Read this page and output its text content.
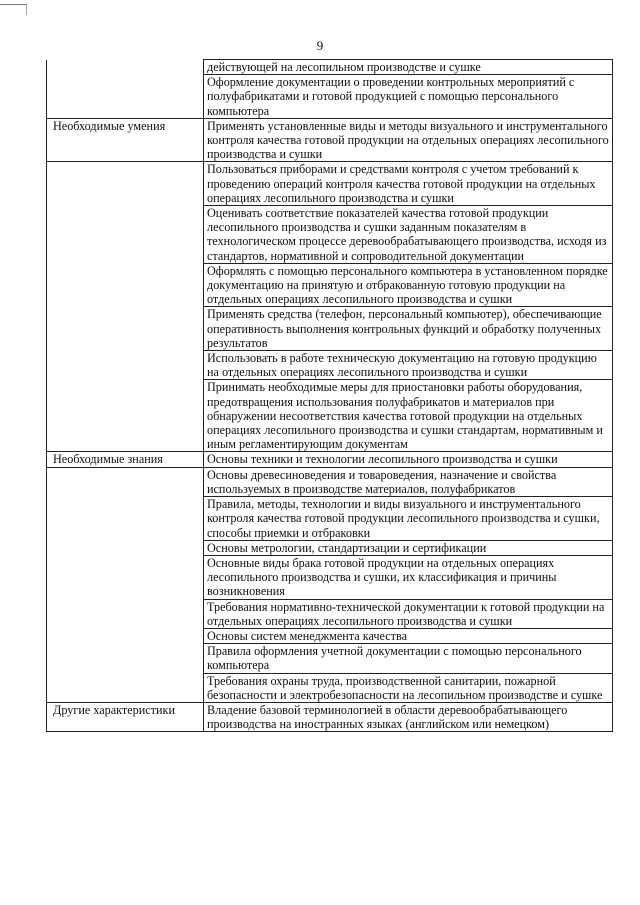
9
	действующей на лесопильном производстве и сушке
	Оформление документации о проведении контрольных мероприятий с полуфабрикатами и готовой продукцией с помощью персонального компьютера
Необходимые умения	Применять установленные виды и методы визуального и инструментального контроля качества готовой продукции на отдельных операциях лесопильного производства и сушки
	Пользоваться приборами и средствами контроля с учетом требований к проведению операций контроля качества готовой продукции на отдельных операциях лесопильного производства и сушки
	Оценивать соответствие показателей качества готовой продукции лесопильного производства и сушки заданным показателям в технологическом процессе деревообрабатывающего производства, исходя из стандартов, нормативной и сопроводительной документации
	Оформлять с помощью персонального компьютера в установленном порядке документацию на принятую и отбракованную готовую продукции на отдельных операциях лесопильного производства и сушки
	Применять средства (телефон, персональный компьютер), обеспечивающие оперативность выполнения контрольных функций и обработку полученных результатов
	Использовать в работе техническую документацию на готовую продукцию на отдельных операциях лесопильного производства и сушки
	Принимать необходимые меры для приостановки работы оборудования, предотвращения использования полуфабрикатов и материалов при обнаружении несоответствия качества готовой продукции на отдельных операциях лесопильного производства и сушки стандартам, нормативным и иным регламентирующим документам
Необходимые знания	Основы техники и технологии лесопильного производства и сушки
	Основы древесиноведения и товароведения, назначение и свойства используемых в производстве материалов, полуфабрикатов
	Правила, методы, технологии и виды визуального и инструментального контроля качества готовой продукции лесопильного производства и сушки, способы приемки и отбраковки
	Основы метрологии, стандартизации и сертификации
	Основные виды брака готовой продукции на отдельных операциях лесопильного производства и сушки, их классификация и причины возникновения
	Требования нормативно-технической документации к готовой продукции на отдельных операциях лесопильного производства и сушки
	Основы систем менеджмента качества
	Правила оформления учетной документации с помощью персонального компьютера
	Требования охраны труда, производственной санитарии, пожарной безопасности и электробезопасности на лесопильном производстве и сушке
Другие характеристики	Владение базовой терминологией в области деревообрабатывающего производства на иностранных языках (английском или немецком)
